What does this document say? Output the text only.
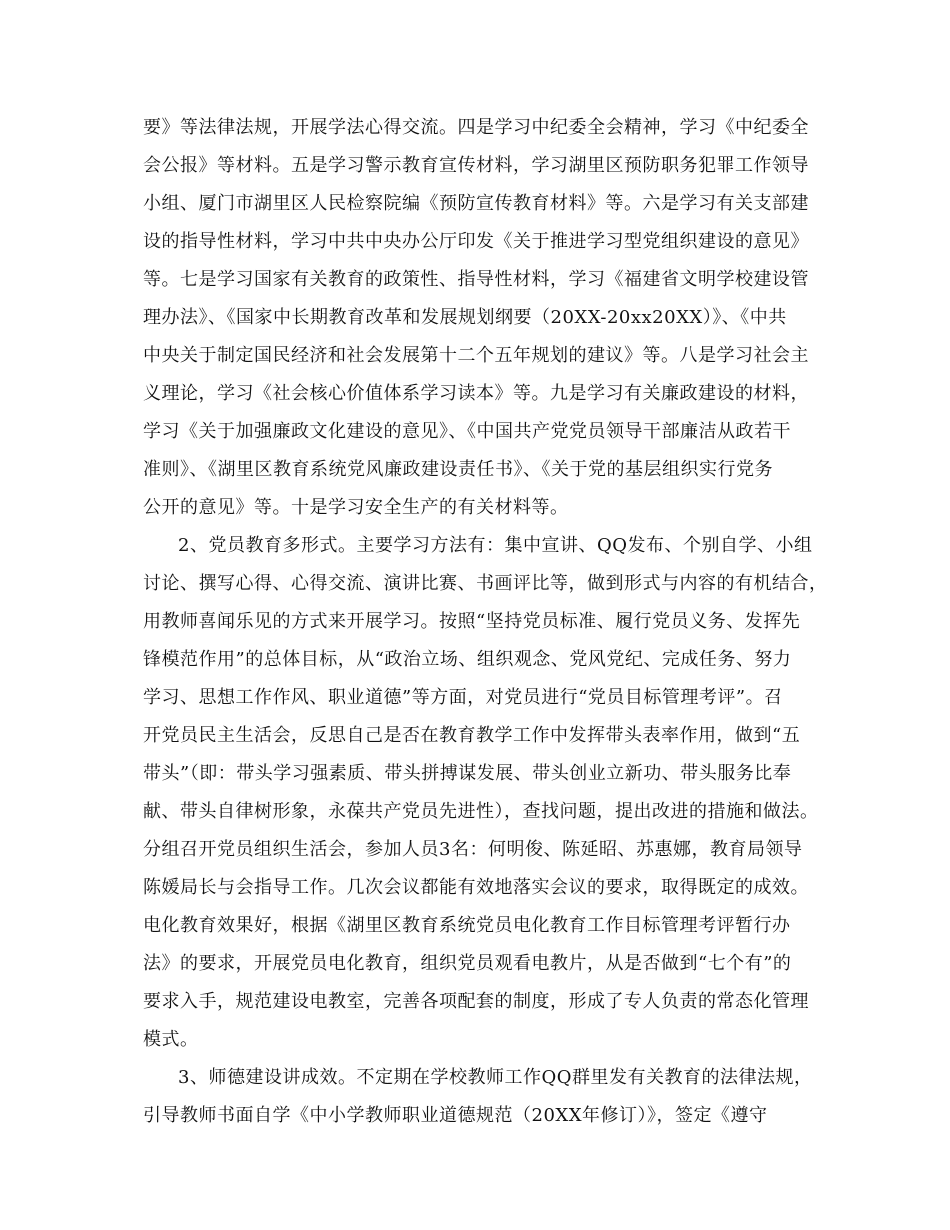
要》等法律法规，开展学法心得交流。四是学习中纪委全会精神，学习《中纪委全
会公报》等材料。五是学习警示教育宣传材料，学习湖里区预防职务犯罪工作领导
小组、厦门市湖里区人民检察院编《预防宣传教育材料》等。六是学习有关支部建
设的指导性材料，学习中共中央办公厅印发《关于推进学习型党组织建设的意见》
等。七是学习国家有关教育的政策性、指导性材料，学习《福建省文明学校建设管
理办法》、《国家中长期教育改革和发展规划纲要（20XX-20xx20XX）》、《中共
中央关于制定国民经济和社会发展第十二个五年规划的建议》等。八是学习社会主
义理论，学习《社会核心价值体系学习读本》等。九是学习有关廉政建设的材料，
学习《关于加强廉政文化建设的意见》、《中国共产党党员领导干部廉洁从政若干
准则》、《湖里区教育系统党风廉政建设责任书》、《关于党的基层组织实行党务
公开的意见》等。十是学习安全生产的有关材料等。
2、党员教育多形式。主要学习方法有：集中宣讲、QQ发布、个别自学、小组
讨论、撰写心得、心得交流、演讲比赛、书画评比等，做到形式与内容的有机结合，
用教师喜闻乐见的方式来开展学习。按照“坚持党员标准、履行党员义务、发挥先
锋模范作用”的总体目标，从“政治立场、组织观念、党风党纪、完成任务、努力
学习、思想工作作风、职业道德”等方面，对党员进行“党员目标管理考评”。召
开党员民主生活会，反思自己是否在教育教学工作中发挥带头表率作用，做到“五
带头”（即：带头学习强素质、带头拼搏谋发展、带头创业立新功、带头服务比奉
献、带头自律树形象，永葆共产党员先进性），查找问题，提出改进的措施和做法。
分组召开党员组织生活会，参加人员3名：何明俊、陈延昭、苏惠娜，教育局领导
陈媛局长与会指导工作。几次会议都能有效地落实会议的要求，取得既定的成效。
电化教育效果好，根据《湖里区教育系统党员电化教育工作目标管理考评暂行办
法》的要求，开展党员电化教育，组织党员观看电教片，从是否做到“七个有”的
要求入手，规范建设电教室，完善各项配套的制度，形成了专人负责的常态化管理
模式。
3、师德建设讲成效。不定期在学校教师工作QQ群里发有关教育的法律法规，
引导教师书面自学《中小学教师职业道德规范（20XX年修订）》，签定《遵守
